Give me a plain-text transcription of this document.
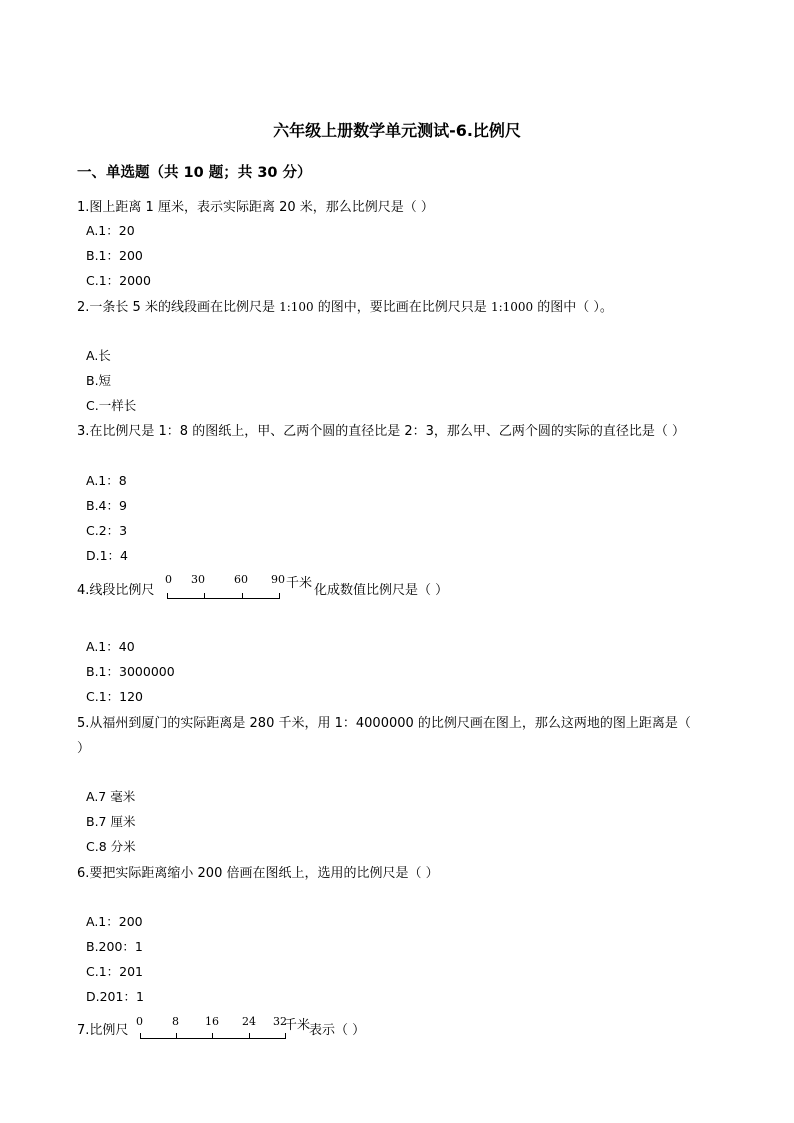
六年级上册数学单元测试-6.比例尺
一、单选题（共 10 题；共 30 分）
1.图上距离 1 厘米，表示实际距离 20 米，那么比例尺是（ ）
A.1：20
B.1：200
C.1：2000
2.一条长 5 米的线段画在比例尺是 1:100 的图中，要比画在比例尺只是 1:1000 的图中（ ）。
A.长
B.短
C.一样长
3.在比例尺是 1：8 的图纸上，甲、乙两个圆的直径比是 2：3，那么甲、乙两个圆的实际的直径比是（ ）
A.1：8
B.4：9
C.2：3
D.1：4
4.线段比例尺
0 30	60 90 千米 化成数值比例尺是（ ）
A.1：40
B.1：3000000
C.1：120
5.从福州到厦门的实际距离是 280 千米，用 1：4000000 的比例尺画在图上，那么这两地的图上距离是（
）
A.7 毫米
B.7 厘米
C.8 分米
6.要把实际距离缩小 200 倍画在图纸上，选用的比例尺是（ ）
A.1：200
B.200：1
C.1：201
D.201：1
7.比例尺
0	8 16 24 32
千米
表示（ ）
